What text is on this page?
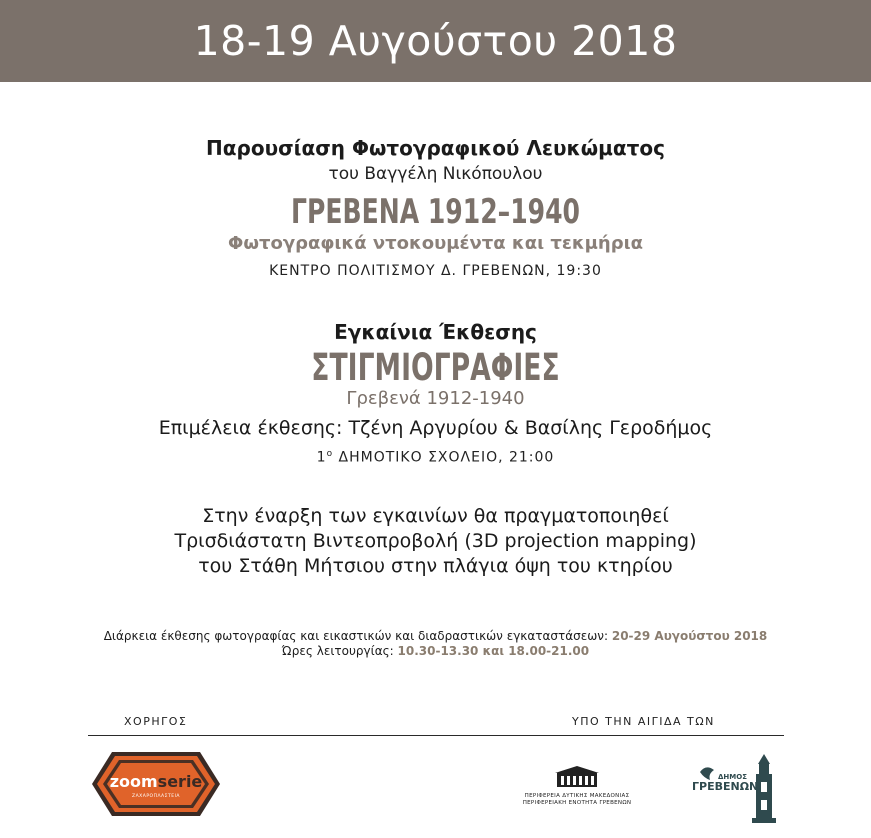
18-19 Αυγούστου 2018
Παρουσίαση Φωτογραφικού Λευκώματος
του Βαγγέλη Νικόπουλου
ΓΡΕΒΕΝΑ 1912–1940
Φωτογραφικά ντοκουμέντα και τεκμήρια
ΚΕΝΤΡΟ ΠΟΛΙΤΙΣΜΟΥ Δ. ΓΡΕΒΕΝΩΝ, 19:30
Εγκαίνια Έκθεσης
ΣΤΙΓΜΙΟΓΡΑΦΙΕΣ
Γρεβενά 1912-1940
Επιμέλεια έκθεσης: Τζένη Αργυρίου & Βασίλης Γεροδήμος
$1^o$ ΔΗΜΟΤΙΚΟ ΣΧΟΛΕΙΟ, 21:00
Στην έναρξη των εγκαινίων θα πραγματοποιηθεί
Τρισδιάστατη Βιντεοπροβολή (3D projection mapping)
του Στάθη Μήτσιου στην πλάγια όψη του κτηρίου
Διάρκεια έκθεσης φωτογραφίας και εικαστικών και διαδραστικών εγκαταστάσεων: 20-29 Αυγούστου 2018
Ώρες λειτουργίας: 10.30-13.30 και 18.00-21.00
ΧΟΡΗΓΟΣ	ΥΠΟ ΤΗΝ ΑΙΓΙΔΑ ΤΩΝ
zoomserie
ΖΑΧΑΡΟΠΛΑΣΤΕΙΑ	ΠΕΡΙΦΕΡΕΙΑ ΔΥΤΙΚΗΣ ΜΑΚΕΔΟΝΙΑΣ
ΠΕΡΙΦΕΡΕΙΑΚΗ ΕΝΟΤΗΤΑ ΓΡΕΒΕΝΩΝ
ΔΗΜΟΣ
ΓΡΕΒΕΝΩΝ
